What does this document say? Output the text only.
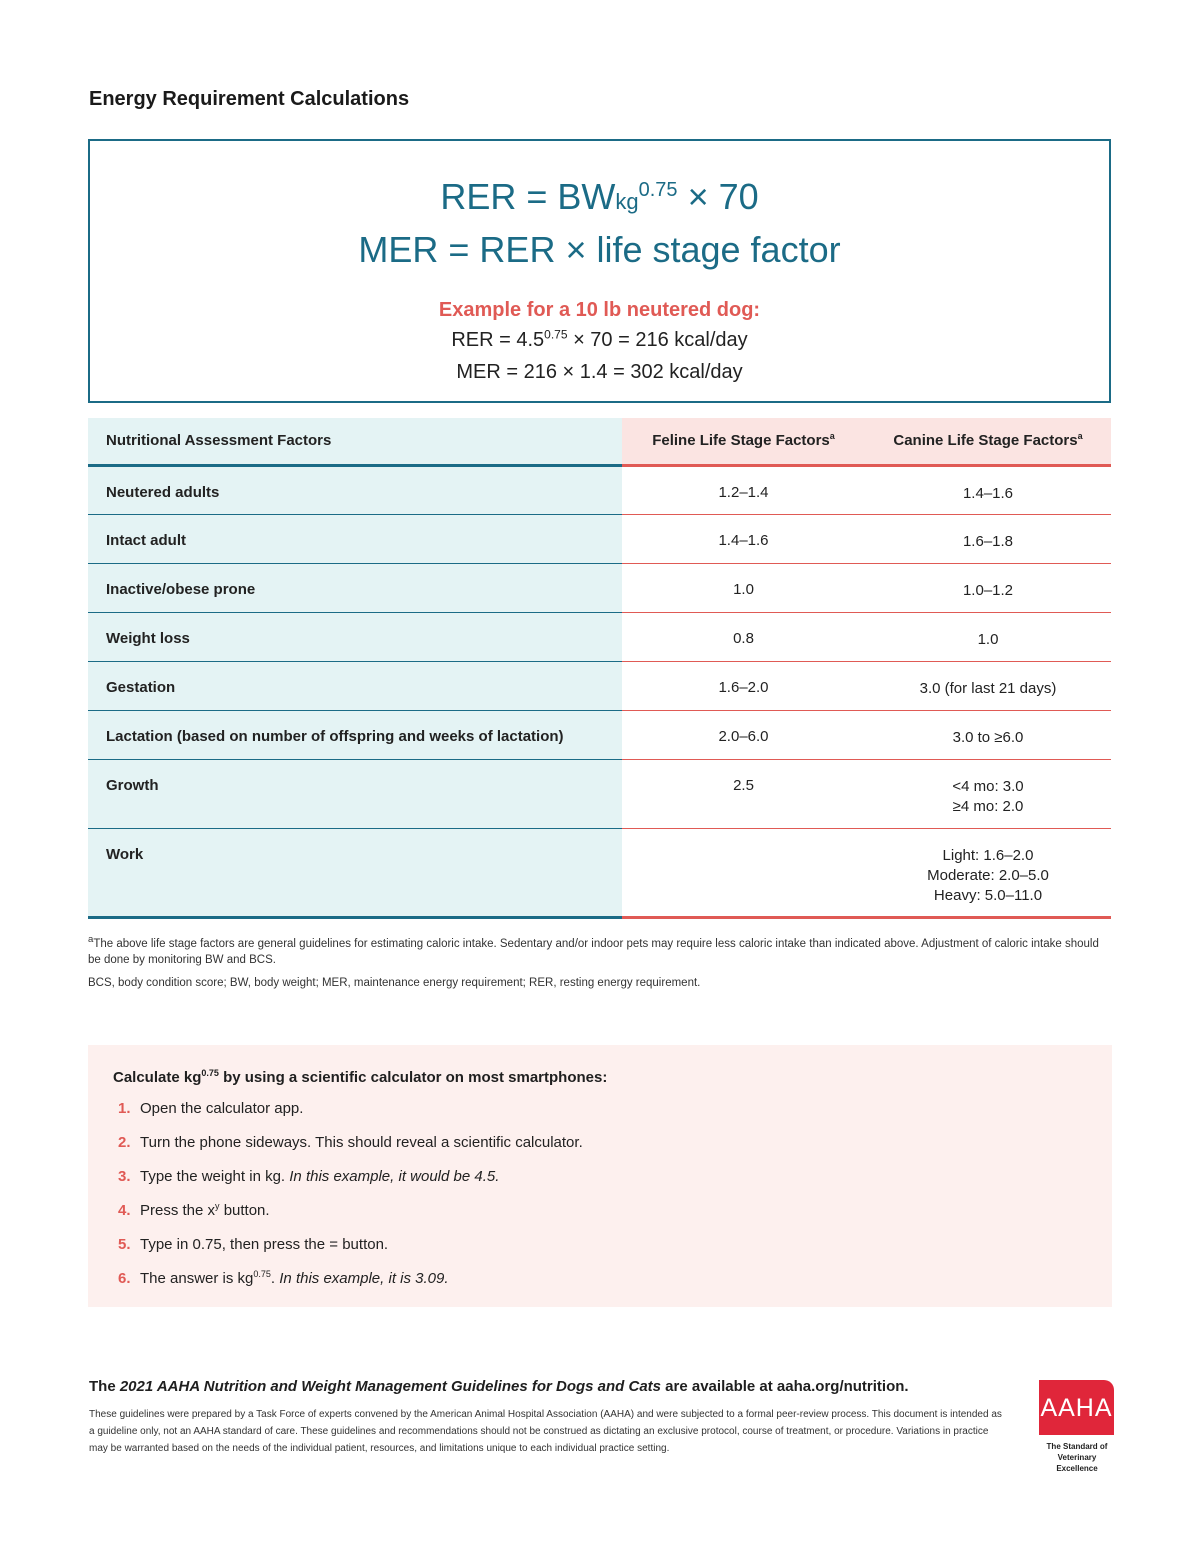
Energy Requirement Calculations
RER = BWkg$^{0.75}$ × 70
MER = RER × life stage factor
Example for a 10 lb neutered dog:
RER = $4.5^{0.75} \times 70 = 216$ kcal/day
MER = 216 × 1.4 = 302 kcal/day
Nutritional Assessment Factors	Feline Life Stage Factors$^a$	Canine Life Stage Factors$^a$
Neutered adults	1.2–1.4	1.4–1.6

Intact adult	1.4–1.6	1.6–1.8

Inactive/obese prone	1.0	1.0–1.2

Weight loss	0.8	1.0

Gestation	1.6–2.0	3.0 (for last 21 days)

Lactation (based on number of offspring and weeks of lactation)	2.0–6.0	3.0 to ≥6.0

Growth	2.5	<4 mo: 3.0
≥4 mo: 2.0

Work		Light: 1.6–2.0
Moderate: 2.0–5.0
Heavy: 5.0–11.0

$^a$The above life stage factors are general guidelines for estimating caloric intake. Sedentary and/or indoor pets may require less caloric intake than indicated above. Adjustment of caloric intake should be done by monitoring BW and BCS.

BCS, body condition score; BW, body weight; MER, maintenance energy requirement; RER, resting energy requirement.

Calculate $kg^{0.75}$ by using a scientific calculator on most smartphones:
1. Open the calculator app.
2. Turn the phone sideways. This should reveal a scientific calculator.
3. Type the weight in kg. In this example, it would be 4.5.
4. Press the $x^y$ button.
5. Type in 0.75, then press the = button.
6. The answer is $kg^{0.75}$. In this example, it is 3.09.
The 2021 AAHA Nutrition and Weight Management Guidelines for Dogs and Cats are available at aaha.org/nutrition.
These guidelines were prepared by a Task Force of experts convened by the American Animal Hospital Association (AAHA) and were subjected to a formal peer-review process. This document is intended as a guideline only, not an AAHA standard of care. These guidelines and recommendations should not be construed as dictating an exclusive protocol, course of treatment, or procedure. Variations in practice may be warranted based on the needs of the individual patient, resources, and limitations unique to each individual practice setting.
AAHA
The Standard of Veterinary Excellence
